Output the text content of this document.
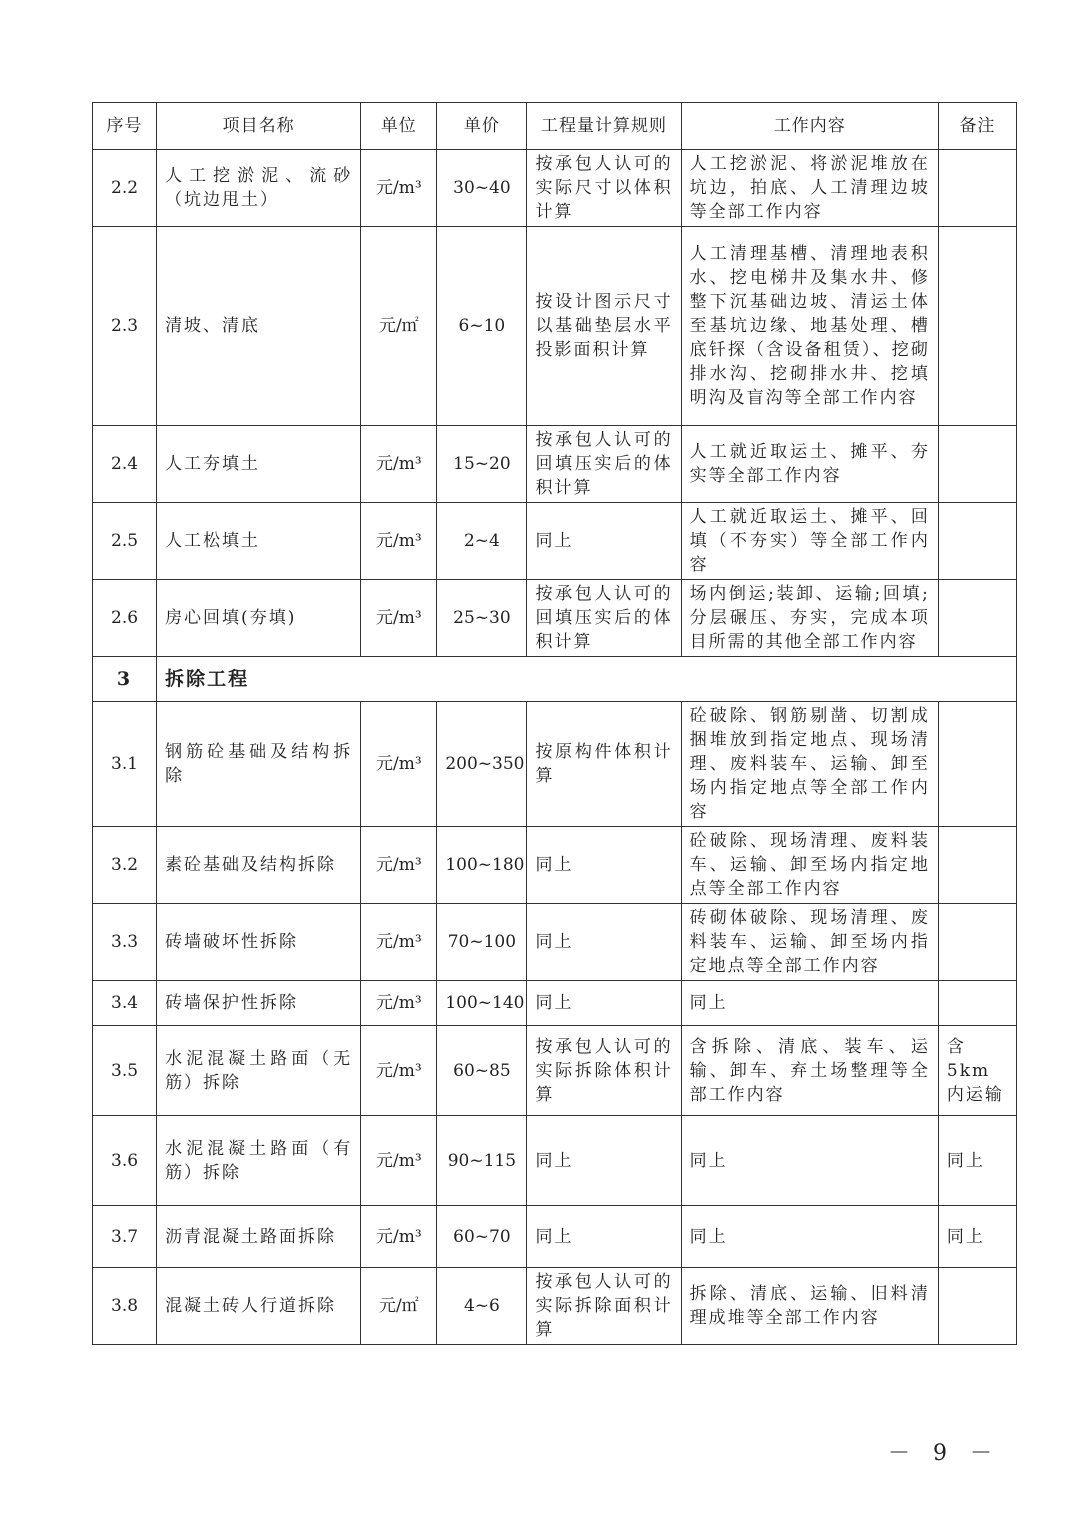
序号	项目名称	单位	单价	工程量计算规则	工作内容	备注
2.2	人工挖淤泥、流砂（坑边甩土）	元/m³	30~40	按承包人认可的实际尺寸以体积计算	人工挖淤泥、将淤泥堆放在坑边，拍底、人工清理边坡等全部工作内容	
2.3	清坡、清底	元/㎡	6~10	按设计图示尺寸以基础垫层水平投影面积计算	人工清理基槽、清理地表积水、挖电梯井及集水井、修整下沉基础边坡、清运土体至基坑边缘、地基处理、槽底钎探（含设备租赁）、挖砌排水沟、挖砌排水井、挖填明沟及盲沟等全部工作内容	
2.4	人工夯填土	元/m³	15~20	按承包人认可的回填压实后的体积计算	人工就近取运土、摊平、夯实等全部工作内容	
2.5	人工松填土	元/m³	2~4	同上	人工就近取运土、摊平、回填（不夯实）等全部工作内容	
2.6	房心回填(夯填)	元/m³	25~30	按承包人认可的回填压实后的体积计算	场内倒运;装卸、运输;回填;分层碾压、夯实，完成本项目所需的其他全部工作内容	
3	拆除工程					
3.1	钢筋砼基础及结构拆除	元/m³	200~350	按原构件体积计算	砼破除、钢筋剔凿、切割成捆堆放到指定地点、现场清理、废料装车、运输、卸至场内指定地点等全部工作内容	
3.2	素砼基础及结构拆除	元/m³	100~180	同上	砼破除、现场清理、废料装车、运输、卸至场内指定地点等全部工作内容	
3.3	砖墙破坏性拆除	元/m³	70~100	同上	砖砌体破除、现场清理、废料装车、运输、卸至场内指定地点等全部工作内容	
3.4	砖墙保护性拆除	元/m³	100~140	同上	同上	
3.5	水泥混凝土路面（无筋）拆除	元/m³	60~85	按承包人认可的实际拆除体积计算	含拆除、清底、装车、运输、卸车、弃土场整理等全部工作内容	含 5km 内运输
3.6	水泥混凝土路面（有筋）拆除	元/m³	90~115	同上	同上	同上
3.7	沥青混凝土路面拆除	元/m³	60~70	同上	同上	同上
3.8	混凝土砖人行道拆除	元/㎡	4~6	按承包人认可的实际拆除面积计算	拆除、清底、运输、旧料清理成堆等全部工作内容	
－ 9 －
